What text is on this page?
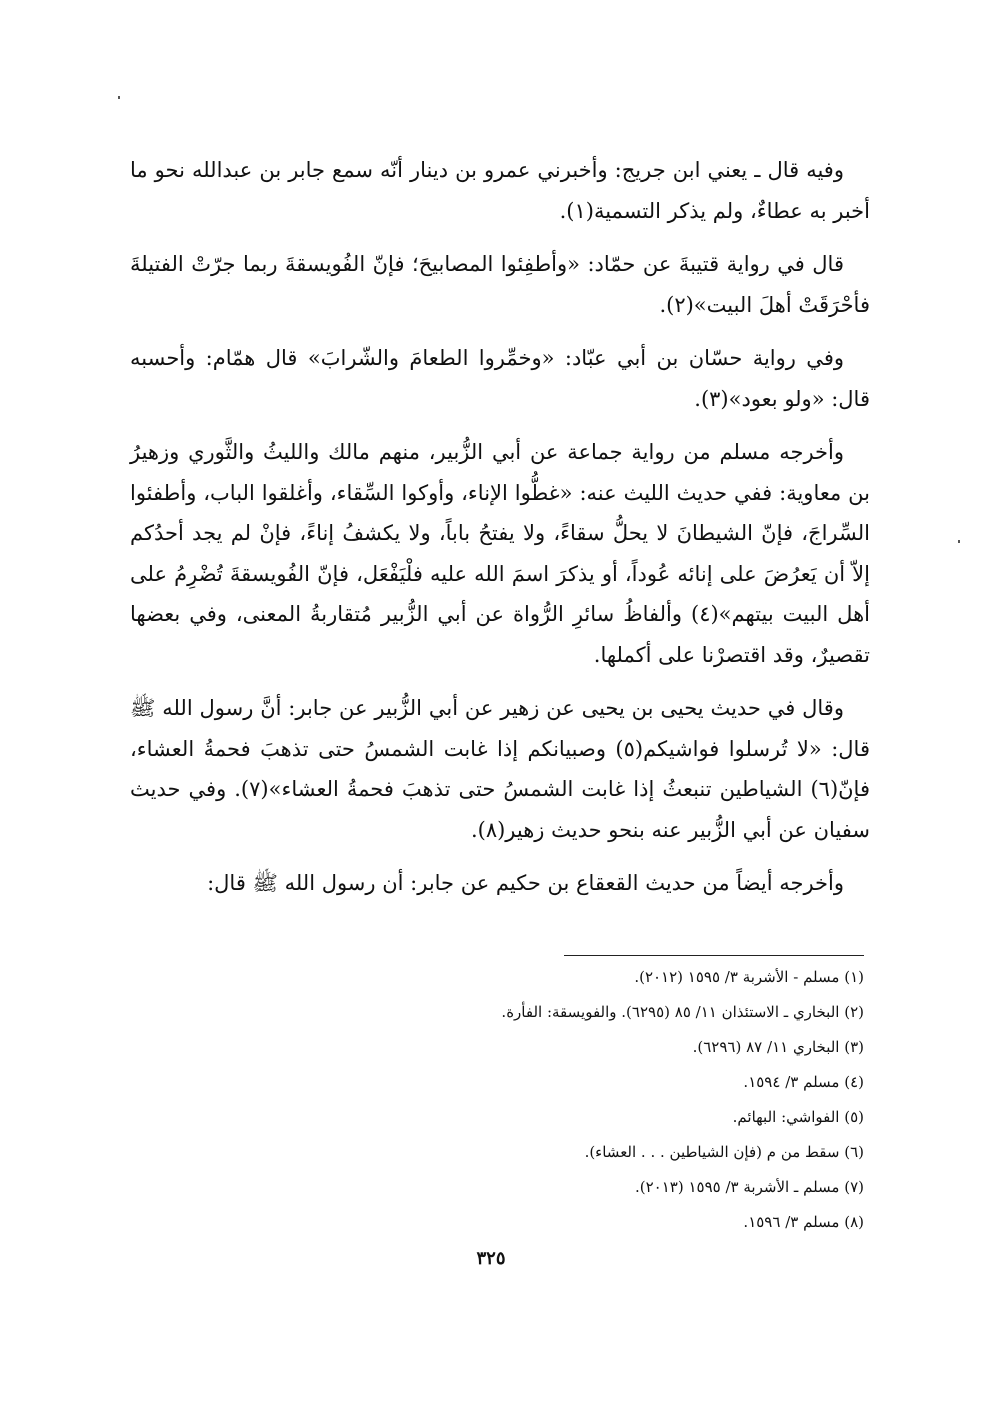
وفيه قال ـ يعني ابن جريج: وأخبرني عمرو بن دينار أنّه سمع جابر بن عبدالله نحو ما أخبر به عطاءٌ، ولم يذكر التسمية(١).

قال في رواية قتيبةَ عن حمّاد: «وأطفِئوا المصابيحَ؛ فإنّ الفُويسقةَ ربما جرّتْ الفتيلةَ فأحْرَقَتْ أهلَ البيت»(٢).

وفي رواية حسّان بن أبي عبّاد: «وخمِّروا الطعامَ والشّرابَ» قال همّام: وأحسبه قال: «ولو بعود»(٣).

وأخرجه مسلم من رواية جماعة عن أبي الزُّبير، منهم مالك والليثُ والثَّوري وزهيرُ بن معاوية: ففي حديث الليث عنه: «غطُّوا الإناء، وأوكوا السِّقاء، وأغلقوا الباب، وأطفئوا السِّراجَ، فإنّ الشيطانَ لا يحلُّ سقاءً، ولا يفتحُ باباً، ولا يكشفُ إناءً، فإنْ لم يجد أحدُكم إلاّ أن يَعرُضَ على إنائه عُوداً، أو يذكرَ اسمَ الله عليه فلْيَفْعَل، فإنّ الفُويسقةَ تُضْرِمُ على أهل البيت بيتهم»(٤) وألفاظُ سائرِ الرُّواة عن أبي الزُّبير مُتقاربةُ المعنى، وفي بعضها تقصيرٌ، وقد اقتصرْنا على أكملها.

وقال في حديث يحيى بن يحيى عن زهير عن أبي الزُّبير عن جابر: أنَّ رسول الله ﷺ قال: «لا تُرسلوا فواشيكم(٥) وصبيانكم إذا غابت الشمسُ حتى تذهبَ فحمةُ العشاء، فإنّ(٦) الشياطين تنبعثُ إذا غابت الشمسُ حتى تذهبَ فحمةُ العشاء»(٧). وفي حديث سفيان عن أبي الزُّبير عنه بنحو حديث زهير(٨).

وأخرجه أيضاً من حديث القعقاع بن حكيم عن جابر: أن رسول الله ﷺ قال:

(١) مسلم - الأشربة ٣/ ١٥٩٥ (٢٠١٢).
(٢) البخاري ـ الاستئذان ١١/ ٨٥ (٦٢٩٥). والفويسقة: الفأرة.
(٣) البخاري ١١/ ٨٧ (٦٢٩٦).
(٤) مسلم ٣/ ١٥٩٤.
(٥) الفواشي: البهائم.
(٦) سقط من م (فإن الشياطين . . . العشاء).
(٧) مسلم ـ الأشربة ٣/ ١٥٩٥ (٢٠١٣).
(٨) مسلم ٣/ ١٥٩٦.
٣٢٥
